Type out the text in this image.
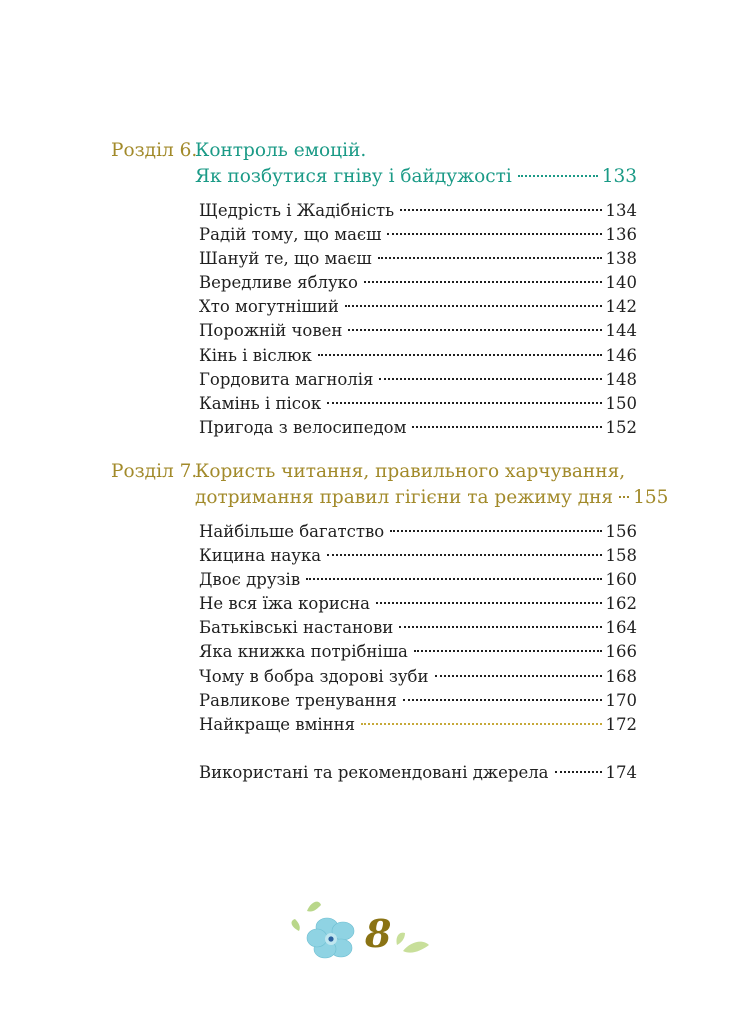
Розділ 6.
Контроль емоцій.
Як позбутися гніву і байдужості	133
Щедрість і Жадібність	134
Радій тому, що маєш	136
Шануй те, що маєш	138
Вередливе яблуко	140
Хто могутніший	142
Порожній човен	144
Кінь і віслюк	146
Гордовита магнолія	148
Камінь і пісок	150
Пригода з велосипедом	152
Розділ 7.
Користь читання, правильного харчування,
дотримання правил гігієни та режиму дня 155
Найбільше багатство	156
Кицина наука	158
Двоє друзів	160
Не вся їжа корисна	162
Батьківські настанови	164
Яка книжка потрібніша	166
Чому в бобра здорові зуби	168
Равликове тренування	170
Найкраще вміння	172
Використані та рекомендовані джерела	174
8
